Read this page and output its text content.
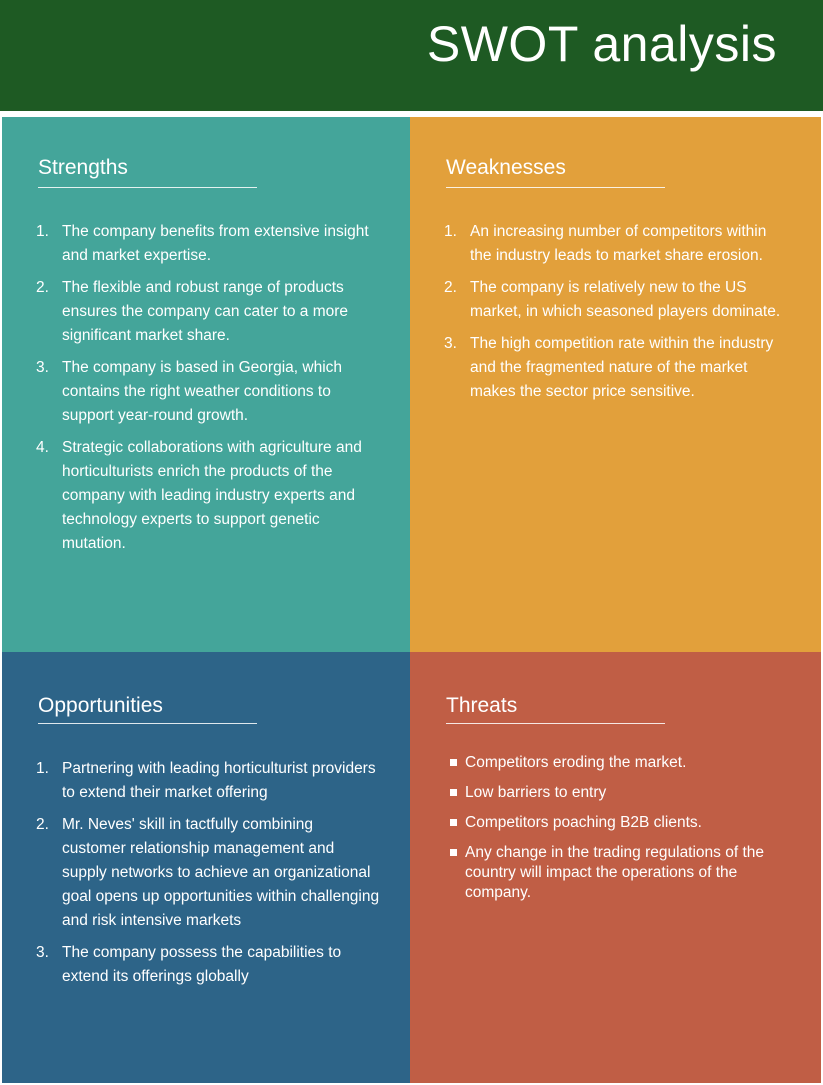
SWOT analysis
Strengths
1. The company benefits from extensive insight and market expertise.
2. The flexible and robust range of products ensures the company can cater to a more significant market share.
3. The company is based in Georgia, which contains the right weather conditions to support year-round growth.
4. Strategic collaborations with agriculture and horticulturists enrich the products of the company with leading industry experts and technology experts to support genetic mutation.
Weaknesses
1. An increasing number of competitors within the industry leads to market share erosion.
2. The company is relatively new to the US market, in which seasoned players dominate.
3. The high competition rate within the industry and the fragmented nature of the market makes the sector price sensitive.
Opportunities
1. Partnering with leading horticulturist providers to extend their market offering
2. Mr. Neves' skill in tactfully combining customer relationship management and supply networks to achieve an organizational goal opens up opportunities within challenging and risk intensive markets
3. The company possess the capabilities to extend its offerings globally
Threats
Competitors eroding the market.
Low barriers to entry
Competitors poaching B2B clients.
Any change in the trading regulations of the country will impact the operations of the company.
